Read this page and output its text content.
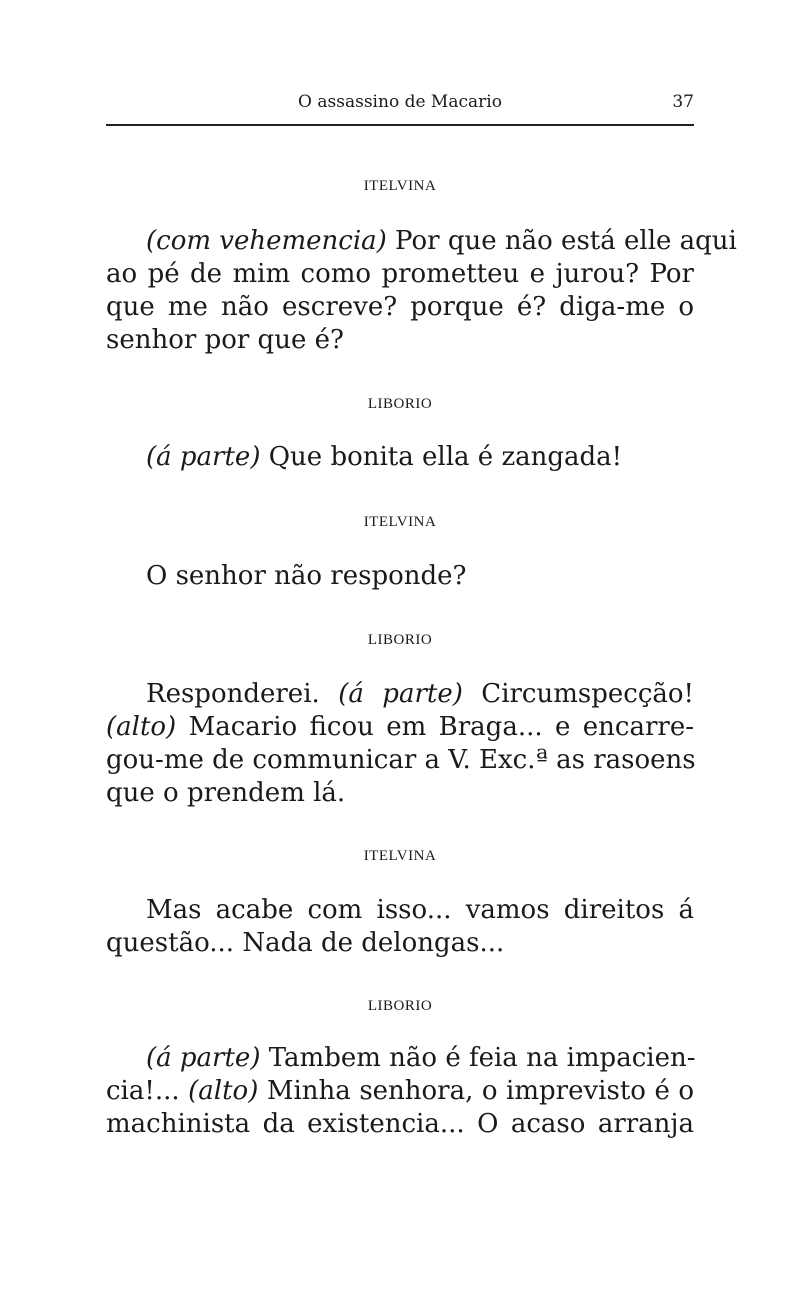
O assassino de Macario	37
ITELVINA
(com vehemencia) Por que não está elle aqui
ao pé de mim como prometteu e jurou? Por
que me não escreve? porque é? diga-me o
senhor por que é?
LIBORIO
(á parte) Que bonita ella é zangada!
ITELVINA
O senhor não responde?
LIBORIO
Responderei. (á parte) Circumspecção!
(alto) Macario ficou em Braga... e encarre-
gou-me de communicar a V. Exc.ª as rasoens
que o prendem lá.
ITELVINA
Mas acabe com isso... vamos direitos á
questão... Nada de delongas...
LIBORIO
(á parte) Tambem não é feia na impacien-
cia!... (alto) Minha senhora, o imprevisto é o
machinista da existencia... O acaso arranja
